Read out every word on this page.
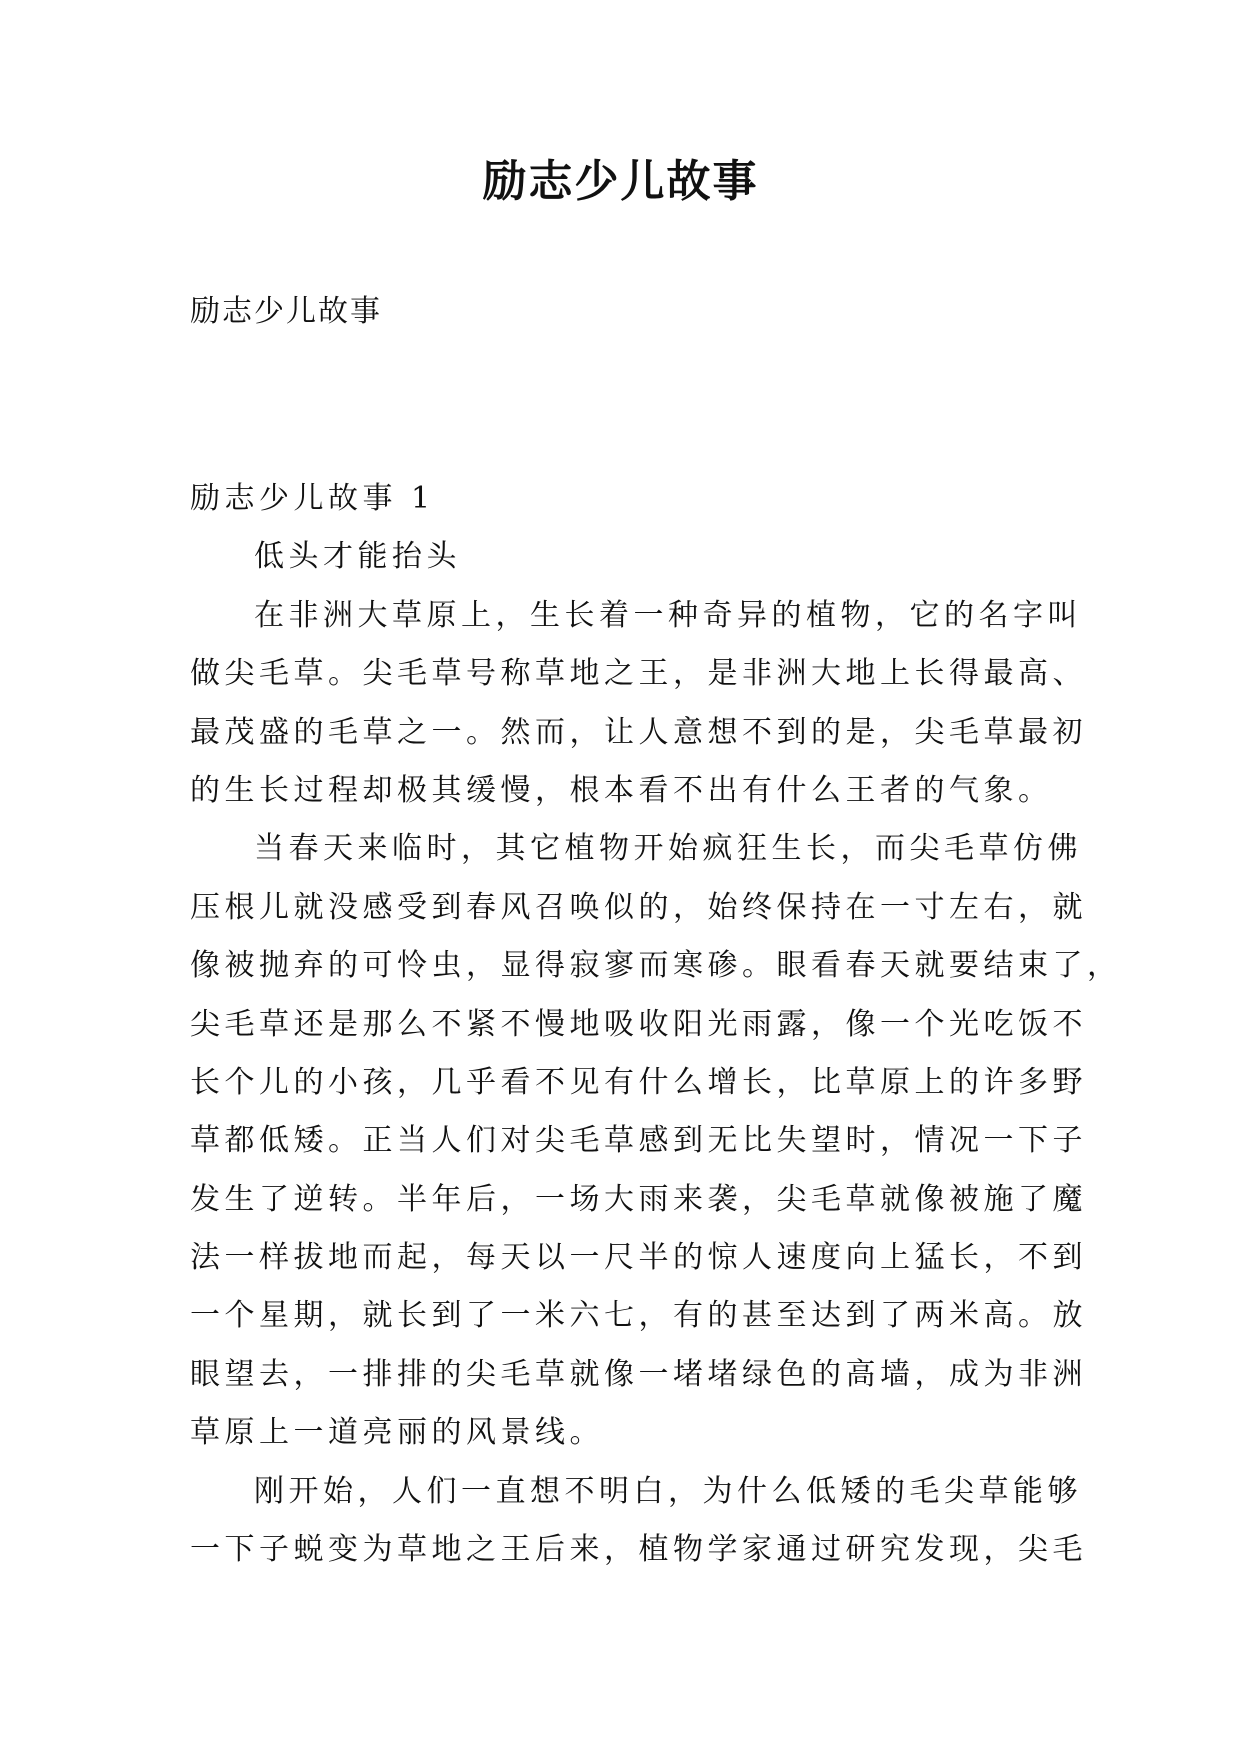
励志少儿故事

励志少儿故事

励志少儿故事 1
低头才能抬头
在非洲大草原上，生长着一种奇异的植物，它的名字叫
做尖毛草。尖毛草号称草地之王，是非洲大地上长得最高、
最茂盛的毛草之一。然而，让人意想不到的是，尖毛草最初
的生长过程却极其缓慢，根本看不出有什么王者的气象。
当春天来临时，其它植物开始疯狂生长，而尖毛草仿佛
压根儿就没感受到春风召唤似的，始终保持在一寸左右，就
像被抛弃的可怜虫，显得寂寥而寒碜。眼看春天就要结束了，
尖毛草还是那么不紧不慢地吸收阳光雨露，像一个光吃饭不
长个儿的小孩，几乎看不见有什么增长，比草原上的许多野
草都低矮。正当人们对尖毛草感到无比失望时，情况一下子
发生了逆转。半年后，一场大雨来袭，尖毛草就像被施了魔
法一样拔地而起，每天以一尺半的惊人速度向上猛长，不到
一个星期，就长到了一米六七，有的甚至达到了两米高。放
眼望去，一排排的尖毛草就像一堵堵绿色的高墙，成为非洲
草原上一道亮丽的风景线。
刚开始，人们一直想不明白，为什么低矮的毛尖草能够
一下子蜕变为草地之王后来，植物学家通过研究发现，尖毛
